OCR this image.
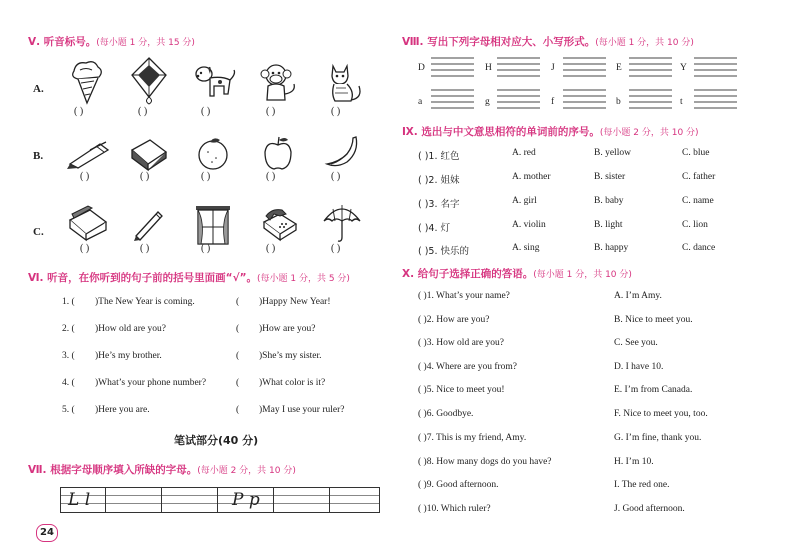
Ⅴ. 听音标号。(每小题 1 分，共 15 分)
A.
B.
C.
( )	( )	( )	( )	( )
( )	( )	( )	( )	( )
( )	( )	( )	( )	( )
Ⅵ. 听音，在你听到的句子前的括号里面画“√”。(每小题 1 分，共 5 分)
1. ( )The New Year is coming.	( )Happy New Year!
2. ( )How old are you?	( )How are you?
3. ( )He’s my brother.	( )She’s my sister.
4. ( )What’s your phone number?	( )What color is it?
5. ( )Here you are.	( )May I use your ruler?
笔试部分(40 分)
Ⅶ. 根据字母顺序填入所缺的字母。(每小题 2 分，共 10 分)
L l	P p
24
Ⅷ. 写出下列字母相对应大、小写形式。(每小题 1 分，共 10 分)
D	H	J	E	Y
a	g	f	b	t
Ⅸ. 选出与中文意思相符的单词前的序号。(每小题 2 分，共 10 分)
( )1. 红色	A. red	B. yellow	C. blue
( )2. 姐妹	A. mother	B. sister	C. father
( )3. 名字	A. girl	B. baby	C. name
( )4. 灯	A. violin	B. light	C. lion
( )5. 快乐的	A. sing	B. happy	C. dance
Ⅹ. 给句子选择正确的答语。(每小题 1 分，共 10 分)
( )1. What’s your name?	A. I’m Amy.
( )2. How are you?	B. Nice to meet you.
( )3. How old are you?	C. See you.
( )4. Where are you from?	D. I have 10.
( )5. Nice to meet you!	E. I’m from Canada.
( )6. Goodbye.	F. Nice to meet you, too.
( )7. This is my friend, Amy.	G. I’m fine, thank you.
( )8. How many dogs do you have?	H. I’m 10.
( )9. Good afternoon.	I. The red one.
( )10. Which ruler?	J. Good afternoon.
